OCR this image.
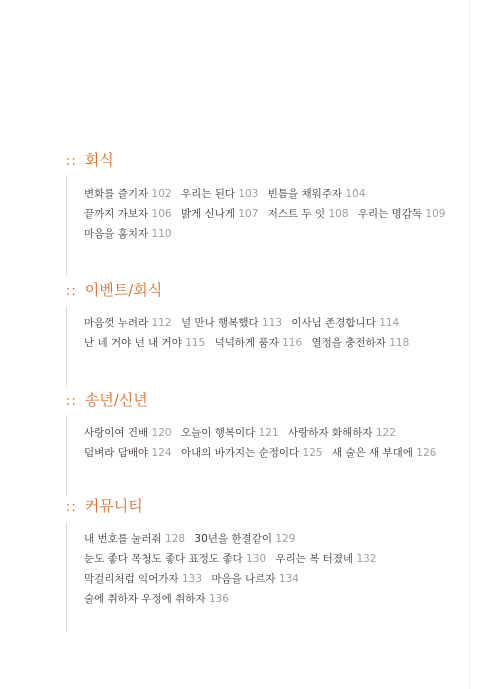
:: 회식
변화를 즐기자 102 우리는 된다 103 빈틈을 채워주자 104
끝까지 가보자 106 밝게 신나게 107 저스트 두 잇 108 우리는 명감독 109
마음을 훔치자 110
:: 이벤트/회식
마음껏 누려라 112 널 만나 행복했다 113 이사님 존경합니다 114
난 네 거야 넌 내 거야 115 넉넉하게 품자 116 열정을 충전하자 118
:: 송년/신년
사랑이여 건배 120 오늘이 행복이다 121 사랑하자 화해하자 122
덤벼라 담배야 124 아내의 바가지는 순정이다 125 새 술은 새 부대에 126
:: 커뮤니티
내 번호를 눌러줘 128 30년을 한결같이 129
눈도 좋다 목청도 좋다 표정도 좋다 130 우리는 복 터졌네 132
막걸리처럼 익어가자 133 마음을 나르자 134
술에 취하자 우정에 취하자 136
